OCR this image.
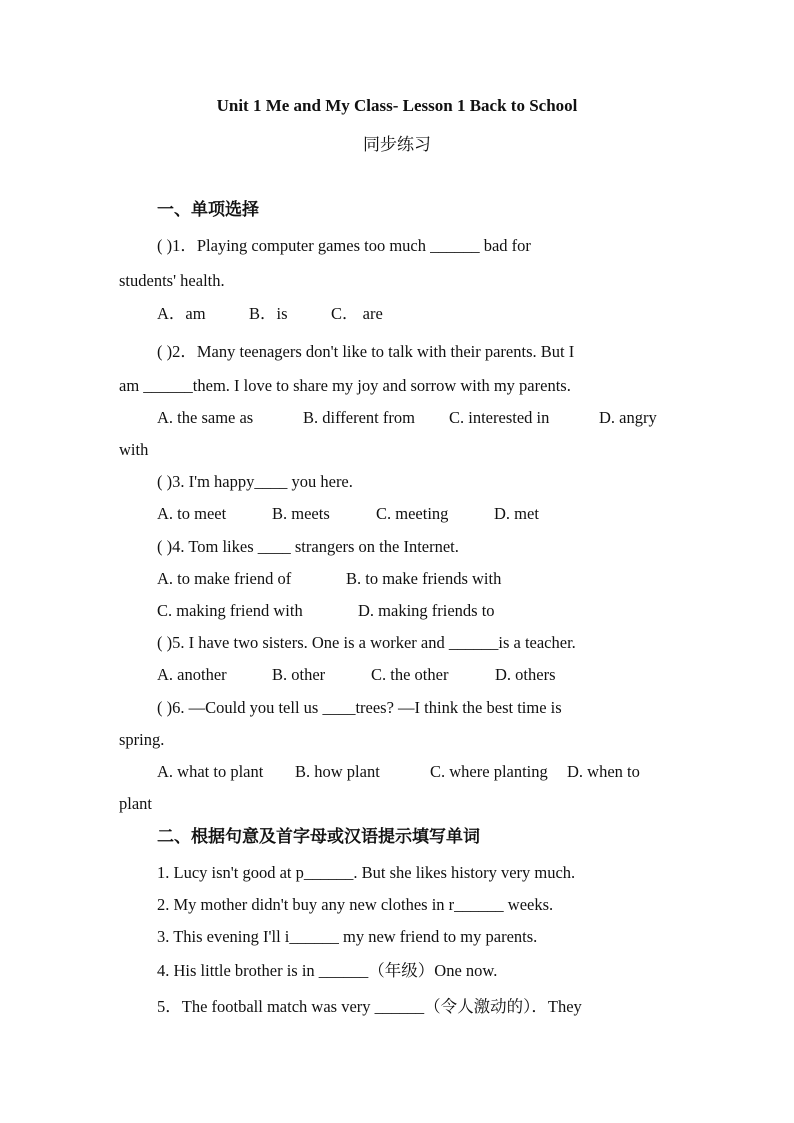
Unit 1 Me and My Class- Lesson 1 Back to School
同步练习
一、单项选择
( )1．Playing computer games too much ______ bad for
students' health.
A．am	B．is	C． are
( )2．Many teenagers don't like to talk with their parents. But I
am ______them. I love to share my joy and sorrow with my parents.
A. the same as	B. different from C. interested in	D. angry
with
( )3. I'm happy____ you here.
A. to meet	B. meets	C. meeting	D. met
( )4. Tom likes ____ strangers on the Internet.
A. to make friend of	B. to make friends with
C. making friend with	D. making friends to
( )5. I have two sisters. One is a worker and ______is a teacher.
A. another	B. other	C. the other	D. others
( )6. —Could you tell us ____trees? —I think the best time is
spring.
A. what to plant B. how plant	C. where planting D. when to
plant
二、根据句意及首字母或汉语提示填写单词
1. Lucy isn't good at p______. But she likes history very much.
2. My mother didn't buy any new clothes in r______ weeks.
3. This evening I'll i______ my new friend to my parents.
4. His little brother is in ______（年级）One now.
5．The football match was very ______（令人激动的）．They
